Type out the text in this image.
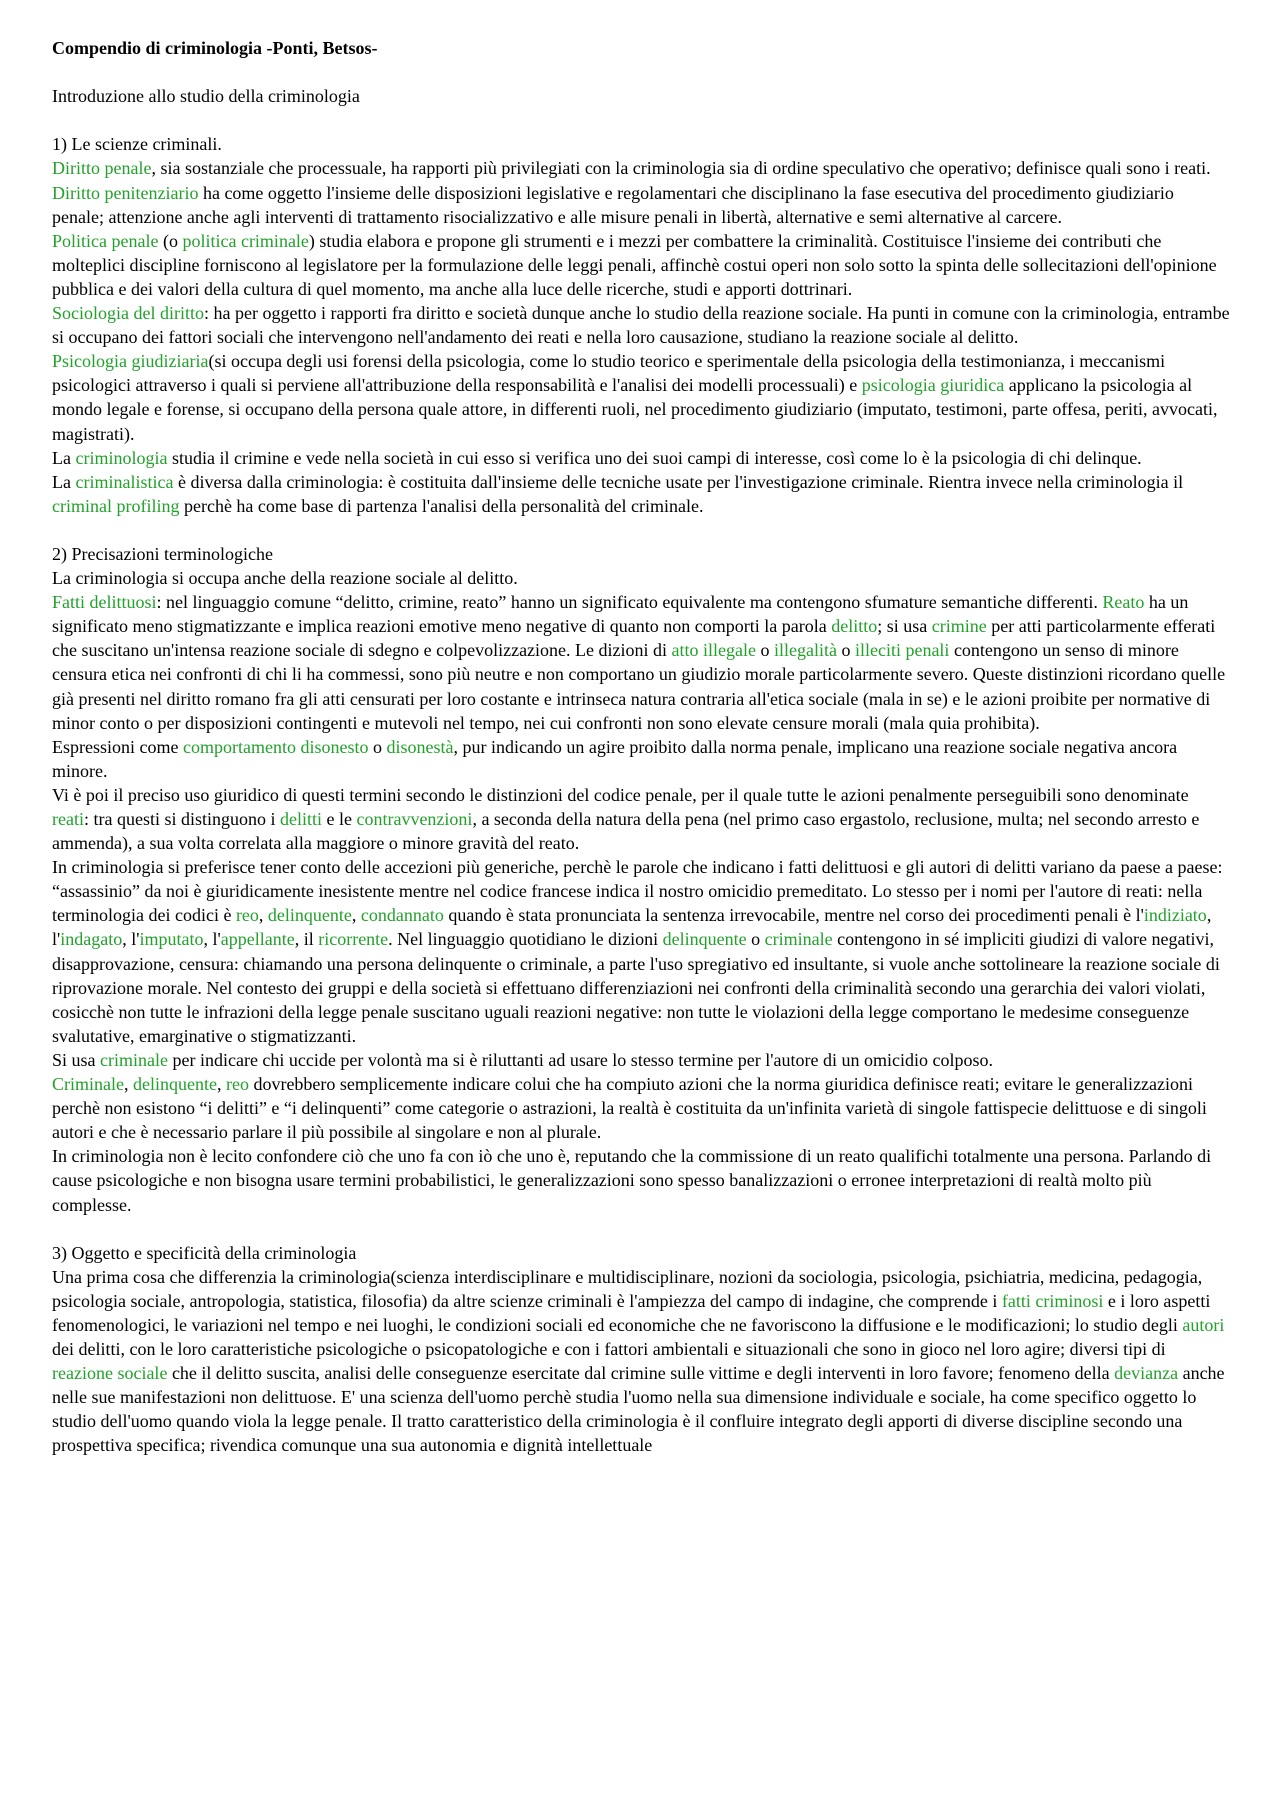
Compendio di criminologia -Ponti, Betsos-

Introduzione allo studio della criminologia

1) Le scienze criminali.

Diritto penale, sia sostanziale che processuale, ha rapporti più privilegiati con la criminologia sia di ordine speculativo che operativo; definisce quali sono i reati.

Diritto penitenziario ha come oggetto l'insieme delle disposizioni legislative e regolamentari che disciplinano la fase esecutiva del procedimento giudiziario penale; attenzione anche agli interventi di trattamento risocializzativo e alle misure penali in libertà, alternative e semi alternative al carcere.

Politica penale (o politica criminale) studia elabora e propone gli strumenti e i mezzi per combattere la criminalità. Costituisce l'insieme dei contributi che molteplici discipline forniscono al legislatore per la formulazione delle leggi penali, affinchè costui operi non solo sotto la spinta delle sollecitazioni dell'opinione pubblica e dei valori della cultura di quel momento, ma anche alla luce delle ricerche, studi e apporti dottrinari.

Sociologia del diritto: ha per oggetto i rapporti fra diritto e società dunque anche lo studio della reazione sociale. Ha punti in comune con la criminologia, entrambe si occupano dei fattori sociali che intervengono nell'andamento dei reati e nella loro causazione, studiano la reazione sociale al delitto.

Psicologia giudiziaria(si occupa degli usi forensi della psicologia, come lo studio teorico e sperimentale della psicologia della testimonianza, i meccanismi psicologici attraverso i quali si perviene all'attribuzione della responsabilità e l'analisi dei modelli processuali) e psicologia giuridica applicano la psicologia al mondo legale e forense, si occupano della persona quale attore, in differenti ruoli, nel procedimento giudiziario (imputato, testimoni, parte offesa, periti, avvocati, magistrati).

La criminologia studia il crimine e vede nella società in cui esso si verifica uno dei suoi campi di interesse, così come lo è la psicologia di chi delinque.

La criminalistica è diversa dalla criminologia: è costituita dall'insieme delle tecniche usate per l'investigazione criminale. Rientra invece nella criminologia il criminal profiling perchè ha come base di partenza l'analisi della personalità del criminale.

2) Precisazioni terminologiche

La criminologia si occupa anche della reazione sociale al delitto.

Fatti delittuosi: nel linguaggio comune “delitto, crimine, reato” hanno un significato equivalente ma contengono sfumature semantiche differenti. Reato ha un significato meno stigmatizzante e implica reazioni emotive meno negative di quanto non comporti la parola delitto; si usa crimine per atti particolarmente efferati che suscitano un'intensa reazione sociale di sdegno e colpevolizzazione. Le dizioni di atto illegale o illegalità o illeciti penali contengono un senso di minore censura etica nei confronti di chi li ha commessi, sono più neutre e non comportano un giudizio morale particolarmente severo. Queste distinzioni ricordano quelle già presenti nel diritto romano fra gli atti censurati per loro costante e intrinseca natura contraria all'etica sociale (mala in se) e le azioni proibite per normative di minor conto o per disposizioni contingenti e mutevoli nel tempo, nei cui confronti non sono elevate censure morali (mala quia prohibita).

Espressioni come comportamento disonesto o disonestà, pur indicando un agire proibito dalla norma penale, implicano una reazione sociale negativa ancora minore.

Vi è poi il preciso uso giuridico di questi termini secondo le distinzioni del codice penale, per il quale tutte le azioni penalmente perseguibili sono denominate reati: tra questi si distinguono i delitti e le contravvenzioni, a seconda della natura della pena (nel primo caso ergastolo, reclusione, multa; nel secondo arresto e ammenda), a sua volta correlata alla maggiore o minore gravità del reato.

In criminologia si preferisce tener conto delle accezioni più generiche, perchè le parole che indicano i fatti delittuosi e gli autori di delitti variano da paese a paese: “assassinio” da noi è giuridicamente inesistente mentre nel codice francese indica il nostro omicidio premeditato. Lo stesso per i nomi per l'autore di reati: nella terminologia dei codici è reo, delinquente, condannato quando è stata pronunciata la sentenza irrevocabile, mentre nel corso dei procedimenti penali è l'indiziato, l'indagato, l'imputato, l'appellante, il ricorrente. Nel linguaggio quotidiano le dizioni delinquente o criminale contengono in sé impliciti giudizi di valore negativi, disapprovazione, censura: chiamando una persona delinquente o criminale, a parte l'uso spregiativo ed insultante, si vuole anche sottolineare la reazione sociale di riprovazione morale. Nel contesto dei gruppi e della società si effettuano differenziazioni nei confronti della criminalità secondo una gerarchia dei valori violati, cosicchè non tutte le infrazioni della legge penale suscitano uguali reazioni negative: non tutte le violazioni della legge comportano le medesime conseguenze svalutative, emarginative o stigmatizzanti.

Si usa criminale per indicare chi uccide per volontà ma si è riluttanti ad usare lo stesso termine per l'autore di un omicidio colposo.

Criminale, delinquente, reo dovrebbero semplicemente indicare colui che ha compiuto azioni che la norma giuridica definisce reati; evitare le generalizzazioni perchè non esistono “i delitti” e “i delinquenti” come categorie o astrazioni, la realtà è costituita da un'infinita varietà di singole fattispecie delittuose e di singoli autori e che è necessario parlare il più possibile al singolare e non al plurale.

In criminologia non è lecito confondere ciò che uno fa con iò che uno è, reputando che la commissione di un reato qualifichi totalmente una persona. Parlando di cause psicologiche e non bisogna usare termini probabilistici, le generalizzazioni sono spesso banalizzazioni o erronee interpretazioni di realtà molto più complesse.

3) Oggetto e specificità della criminologia

Una prima cosa che differenzia la criminologia(scienza interdisciplinare e multidisciplinare, nozioni da sociologia, psicologia, psichiatria, medicina, pedagogia, psicologia sociale, antropologia, statistica, filosofia) da altre scienze criminali è l'ampiezza del campo di indagine, che comprende i fatti criminosi e i loro aspetti fenomenologici, le variazioni nel tempo e nei luoghi, le condizioni sociali ed economiche che ne favoriscono la diffusione e le modificazioni; lo studio degli autori dei delitti, con le loro caratteristiche psicologiche o psicopatologiche e con i fattori ambientali e situazionali che sono in gioco nel loro agire; diversi tipi di reazione sociale che il delitto suscita, analisi delle conseguenze esercitate dal crimine sulle vittime e degli interventi in loro favore; fenomeno della devianza anche nelle sue manifestazioni non delittuose. E' una scienza dell'uomo perchè studia l'uomo nella sua dimensione individuale e sociale, ha come specifico oggetto lo studio dell'uomo quando viola la legge penale. Il tratto caratteristico della criminologia è il confluire integrato degli apporti di diverse discipline secondo una prospettiva specifica; rivendica comunque una sua autonomia e dignità intellettuale
